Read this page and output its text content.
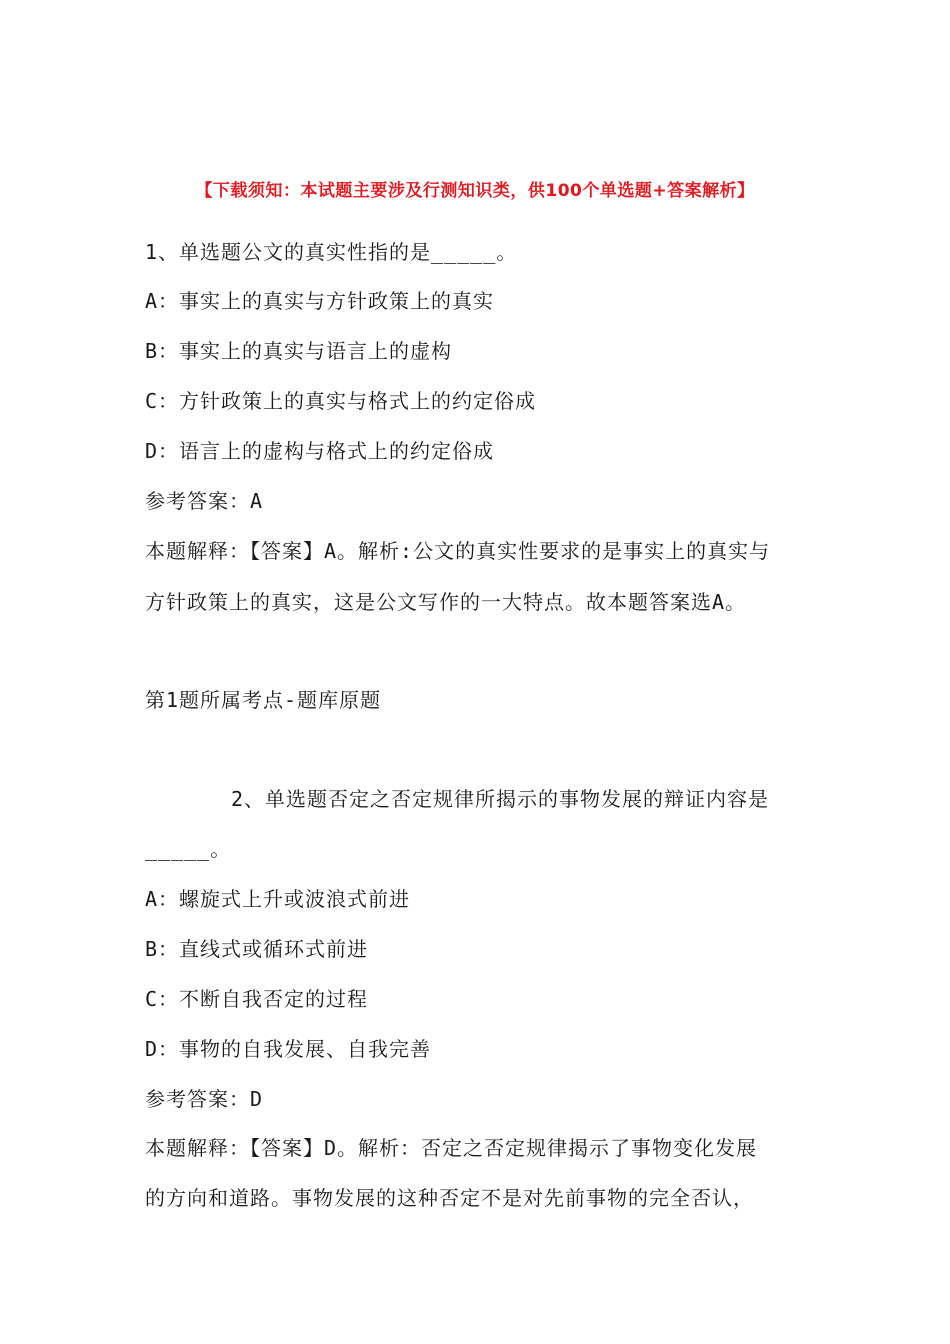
【下载须知：本试题主要涉及行测知识类，供100个单选题+答案解析】
1、单选题公文的真实性指的是_____。
A：事实上的真实与方针政策上的真实
B：事实上的真实与语言上的虚构
C：方针政策上的真实与格式上的约定俗成
D：语言上的虚构与格式上的约定俗成
参考答案：A
本题解释：【答案】A。解析:公文的真实性要求的是事实上的真实与
方针政策上的真实，这是公文写作的一大特点。故本题答案选A。
第1题所属考点-题库原题
2、单选题否定之否定规律所揭示的事物发展的辩证内容是
_____。
A：螺旋式上升或波浪式前进
B：直线式或循环式前进
C：不断自我否定的过程
D：事物的自我发展、自我完善
参考答案：D
本题解释：【答案】D。解析：否定之否定规律揭示了事物变化发展
的方向和道路。事物发展的这种否定不是对先前事物的完全否认，
